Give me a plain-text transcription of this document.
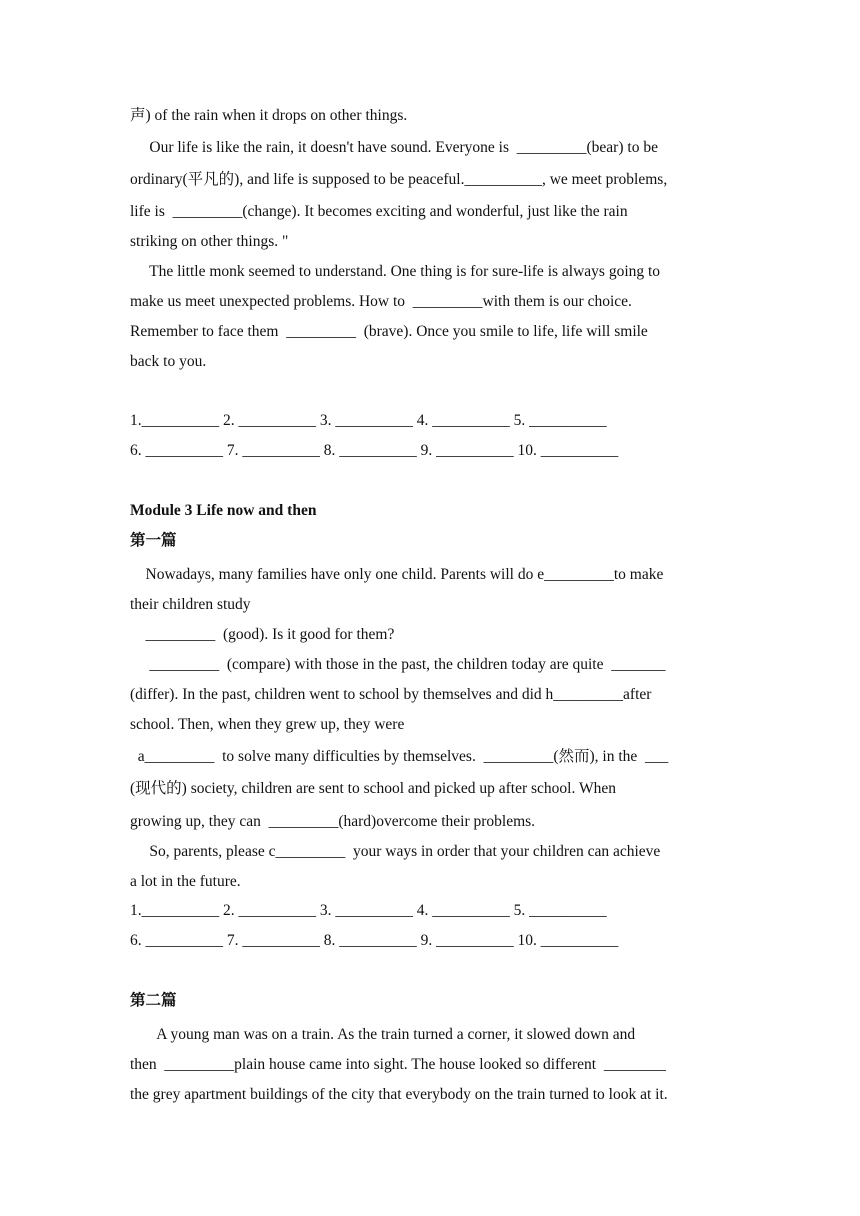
声) of the rain when it drops on other things.
Our life is like the rain, it doesn't have sound. Everyone is  _________(bear) to be
ordinary(平凡的), and life is supposed to be peaceful.__________, we meet problems,
life is  _________(change). It becomes exciting and wonderful, just like the rain
striking on other things. "
The little monk seemed to understand. One thing is for sure-life is always going to
make us meet unexpected problems. How to  _________with them is our choice.
Remember to face them  _________  (brave). Once you smile to life, life will smile
back to you.
1.__________ 2. __________ 3. __________ 4. __________ 5. __________
6. __________ 7. __________ 8. __________ 9. __________ 10. __________
Module 3 Life now and then
第一篇
Nowadays, many families have only one child. Parents will do e_________to make
their children study
_________  (good). Is it good for them?
_________  (compare) with those in the past, the children today are quite  _______
(differ). In the past, children went to school by themselves and did h_________after
school. Then, when they grew up, they were
a_________  to solve many difficulties by themselves.  _________(然而), in the  ___
(现代的) society, children are sent to school and picked up after school. When
growing up, they can  _________(hard)overcome their problems.
So, parents, please c_________  your ways in order that your children can achieve
a lot in the future.
1.__________ 2. __________ 3. __________ 4. __________ 5. __________
6. __________ 7. __________ 8. __________ 9. __________ 10. __________
第二篇
A young man was on a train. As the train turned a corner, it slowed down and
then  _________plain house came into sight. The house looked so different  ________
the grey apartment buildings of the city that everybody on the train turned to look at it.
